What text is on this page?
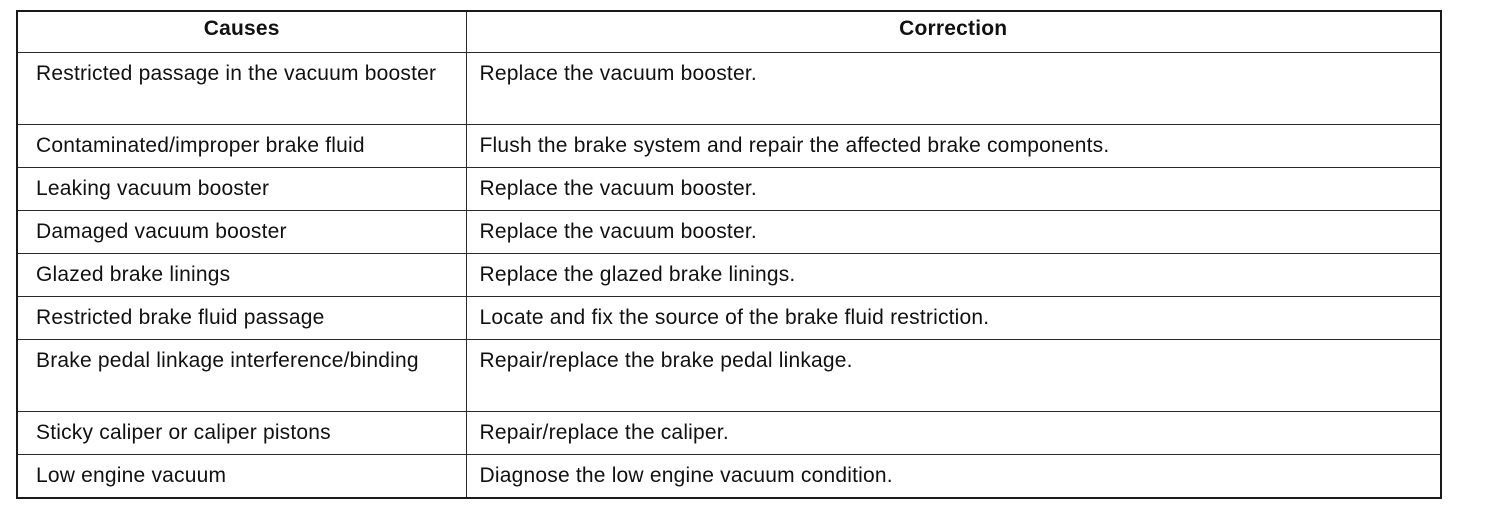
Causes	Correction
Restricted passage in the vacuum booster	Replace the vacuum booster.
Contaminated/improper brake fluid	Flush the brake system and repair the affected brake components.
Leaking vacuum booster	Replace the vacuum booster.
Damaged vacuum booster	Replace the vacuum booster.
Glazed brake linings	Replace the glazed brake linings.
Restricted brake fluid passage	Locate and fix the source of the brake fluid restriction.
Brake pedal linkage interference/binding	Repair/replace the brake pedal linkage.
Sticky caliper or caliper pistons	Repair/replace the caliper.
Low engine vacuum	Diagnose the low engine vacuum condition.
